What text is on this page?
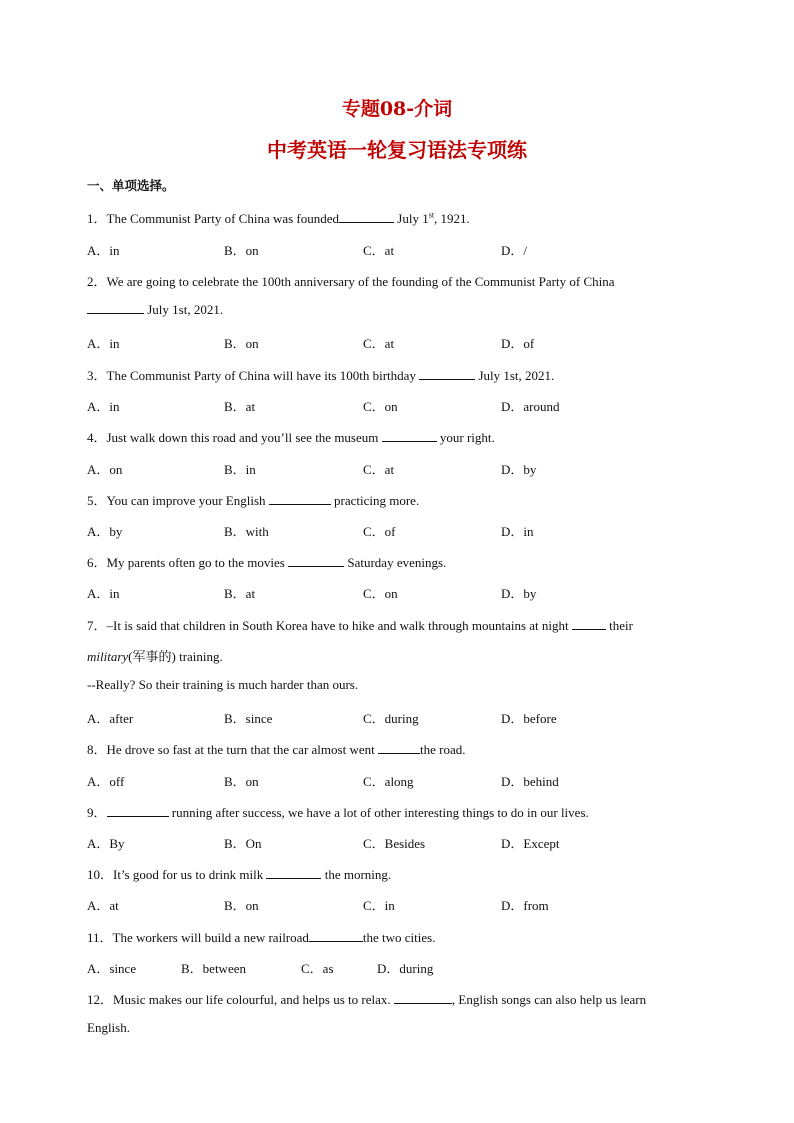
专题08-介词
中考英语一轮复习语法专项练
一、单项选择。
1．The Communist Party of China was founded	July 1st, 1921.
A．in	B．on	C．at	D．/
2．We are going to celebrate the 100th anniversary of the founding of the Communist Party of China
July 1st, 2021.
A．in	B．on	C．at	D．of
3．The Communist Party of China will have its 100th birthday	July 1st, 2021.
A．in	B．at	C．on	D．around
4．Just walk down this road and you’ll see the museum	your right.
A．on	B．in	C．at	D．by
5．You can improve your English	practicing more.
A．by	B．with	C．of	D．in
6．My parents often go to the movies	Saturday evenings.
A．in	B．at	C．on	D．by
7．–It is said that children in South Korea have to hike and walk through mountains at night	their
military(军事的) training.
--Really? So their training is much harder than ours.
A．after	B．since	C．during	D．before
8．He drove so fast at the turn that the car almost went	the road.
A．off	B．on	C．along	D．behind
9．	running after success, we have a lot of other interesting things to do in our lives.
A．By	B．On	C．Besides	D．Except
10．It’s good for us to drink milk	the morning.
A．at	B．on	C．in	D．from
11．The workers will build a new railroad	the two cities.
A．since	B．between	C．as	D．during
12．Music makes our life colourful, and helps us to relax.	, English songs can also help us learn
English.
